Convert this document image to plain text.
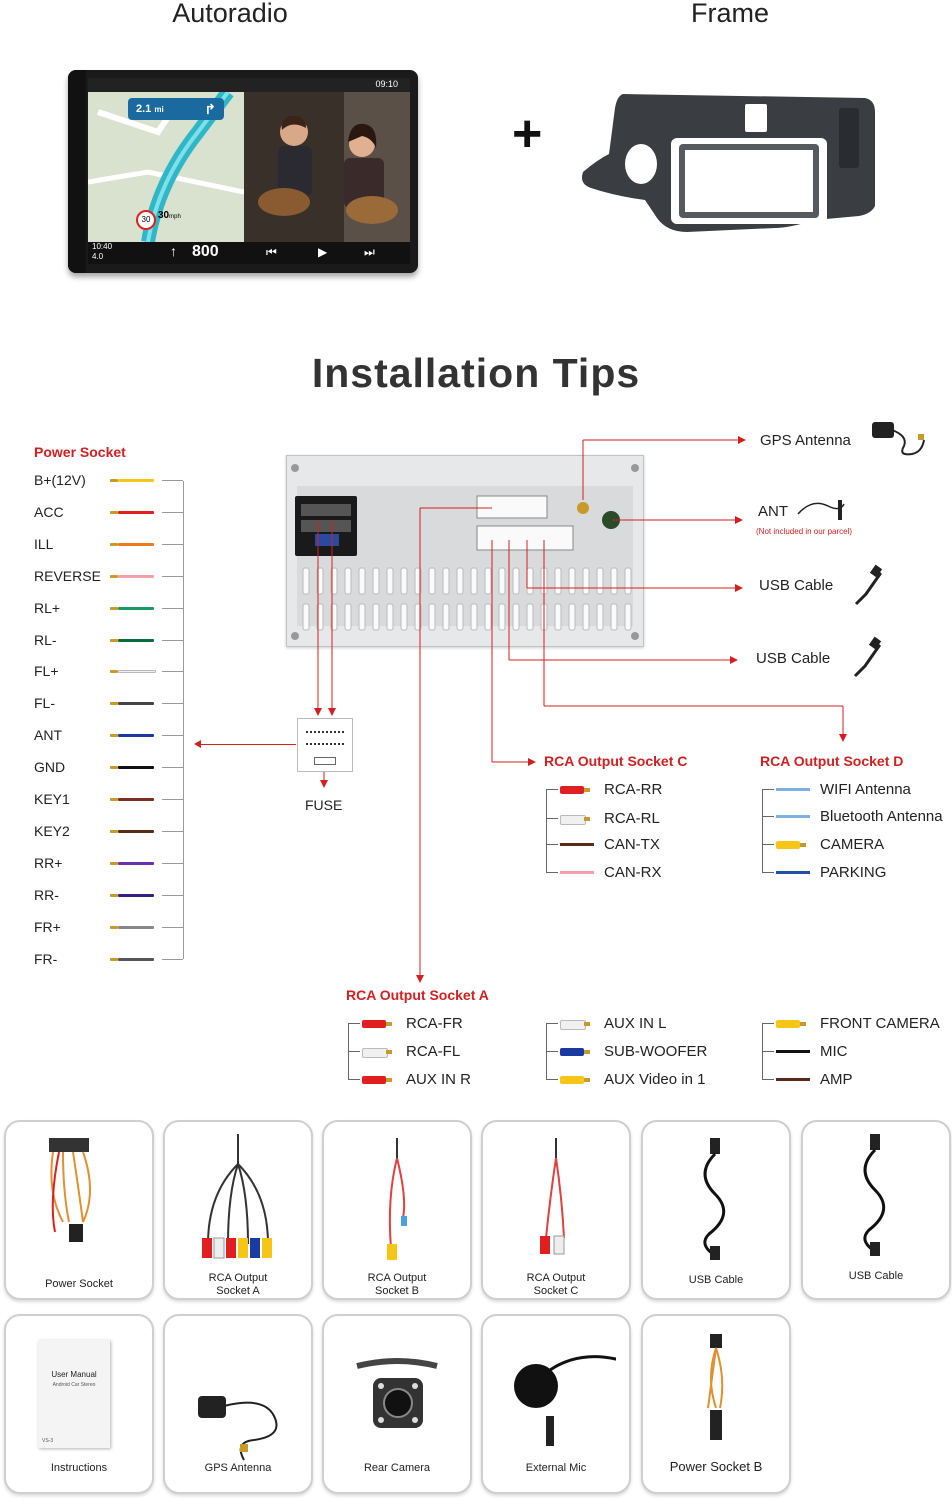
Autoradio	Frame
09:10
2.1 mi	↱
30 30mph
10:40
4.0	↑ 800	⏮	▶	⏭
+
Installation Tips
Power Socket
B+(12V)
ACC
ILL
REVERSE
RL+
RL-
FL+
FL-
ANT
GND
KEY1
KEY2
RR+
RR-
FR+
FR-
FUSE
GPS Antenna
ANT
(Not included in our parcel)
USB Cable
USB Cable
RCA Output Socket C
RCA-RR
RCA-RL
CAN-TX
CAN-RX
RCA Output Socket D
WIFI Antenna
Bluetooth Antenna
CAMERA
PARKING
RCA Output Socket A
RCA-FR
RCA-FL
AUX IN R
AUX IN L
SUB-WOOFER
AUX Video in 1
FRONT CAMERA
MIC
AMP
Power Socket	RCA Output
Socket A
RCA Output
Socket B
RCA Output
Socket C
USB Cable	USB Cable
User Manual
Android Car Stereo
VS-3
Instructions	GPS Antenna	Rear Camera	External Mic	Power Socket B
